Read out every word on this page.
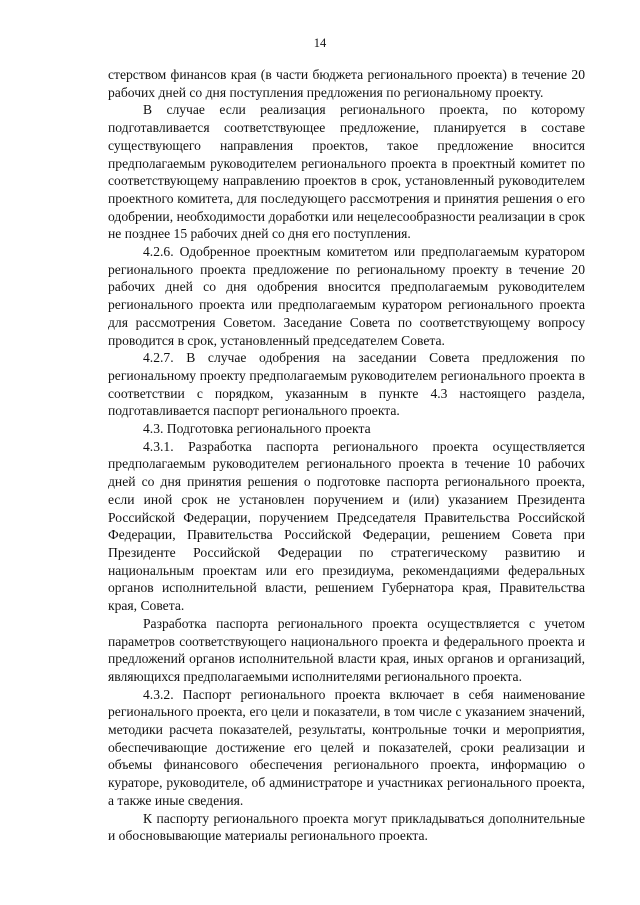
14

стерством финансов края (в части бюджета регионального проекта) в течение 20 рабочих дней со дня поступления предложения по региональному проекту.

В случае если реализация регионального проекта, по которому подготавливается соответствующее предложение, планируется в составе существующего направления проектов, такое предложение вносится предполагаемым руководителем регионального проекта в проектный комитет по соответствующему направлению проектов в срок, установленный руководителем проектного комитета, для последующего рассмотрения и принятия решения о его одобрении, необходимости доработки или нецелесообразности реализации в срок не позднее 15 рабочих дней со дня его поступления.

4.2.6. Одобренное проектным комитетом или предполагаемым куратором регионального проекта предложение по региональному проекту в течение 20 рабочих дней со дня одобрения вносится предполагаемым руководителем регионального проекта или предполагаемым куратором регионального проекта для рассмотрения Советом. Заседание Совета по соответствующему вопросу проводится в срок, установленный председателем Совета.

4.2.7. В случае одобрения на заседании Совета предложения по региональному проекту предполагаемым руководителем регионального проекта в соответствии с порядком, указанным в пункте 4.3 настоящего раздела, подготавливается паспорт регионального проекта.

4.3. Подготовка регионального проекта

4.3.1. Разработка паспорта регионального проекта осуществляется предполагаемым руководителем регионального проекта в течение 10 рабочих дней со дня принятия решения о подготовке паспорта регионального проекта, если иной срок не установлен поручением и (или) указанием Президента Российской Федерации, поручением Председателя Правительства Российской Федерации, Правительства Российской Федерации, решением Совета при Президенте Российской Федерации по стратегическому развитию и национальным проектам или его президиума, рекомендациями федеральных органов исполнительной власти, решением Губернатора края, Правительства края, Совета.

Разработка паспорта регионального проекта осуществляется с учетом параметров соответствующего национального проекта и федерального проекта и предложений органов исполнительной власти края, иных органов и организаций, являющихся предполагаемыми исполнителями регионального проекта.

4.3.2. Паспорт регионального проекта включает в себя наименование регионального проекта, его цели и показатели, в том числе с указанием значений, методики расчета показателей, результаты, контрольные точки и мероприятия, обеспечивающие достижение его целей и показателей, сроки реализации и объемы финансового обеспечения регионального проекта, информацию о кураторе, руководителе, об администраторе и участниках регионального проекта, а также иные сведения.

К паспорту регионального проекта могут прикладываться дополнительные и обосновывающие материалы регионального проекта.
